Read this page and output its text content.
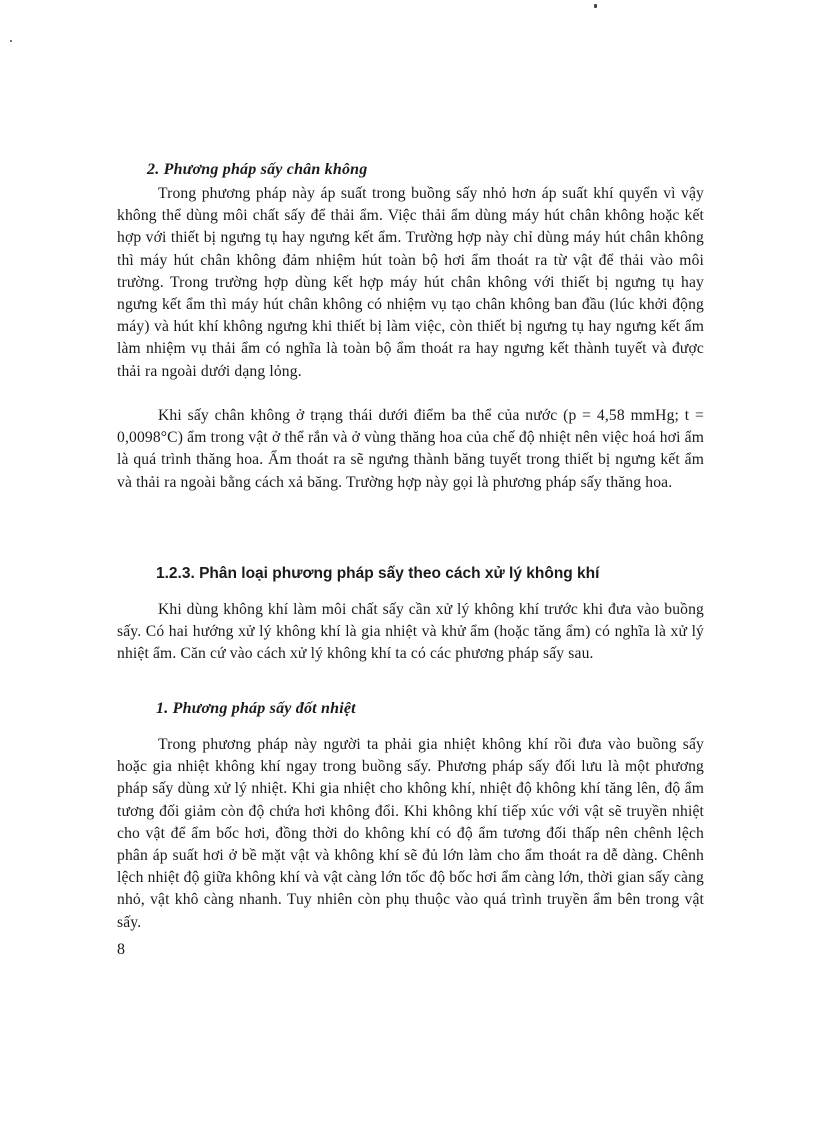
2. Phương pháp sấy chân không

Trong phương pháp này áp suất trong buồng sấy nhỏ hơn áp suất khí quyển vì vậy không thể dùng môi chất sấy để thải ẩm. Việc thải ẩm dùng máy hút chân không hoặc kết hợp với thiết bị ngưng tụ hay ngưng kết ẩm. Trường hợp này chỉ dùng máy hút chân không thì máy hút chân không đảm nhiệm hút toàn bộ hơi ẩm thoát ra từ vật để thải vào môi trường. Trong trường hợp dùng kết hợp máy hút chân không với thiết bị ngưng tụ hay ngưng kết ẩm thì máy hút chân không có nhiệm vụ tạo chân không ban đầu (lúc khởi động máy) và hút khí không ngưng khi thiết bị làm việc, còn thiết bị ngưng tụ hay ngưng kết ẩm làm nhiệm vụ thải ẩm có nghĩa là toàn bộ ẩm thoát ra hay ngưng kết thành tuyết và được thải ra ngoài dưới dạng lỏng.

Khi sấy chân không ở trạng thái dưới điểm ba thể của nước (p = 4,58 mmHg; t = 0,0098°C) ẩm trong vật ở thể rắn và ở vùng thăng hoa của chế độ nhiệt nên việc hoá hơi ẩm là quá trình thăng hoa. Ẩm thoát ra sẽ ngưng thành băng tuyết trong thiết bị ngưng kết ẩm và thải ra ngoài bằng cách xả băng. Trường hợp này gọi là phương pháp sấy thăng hoa.

1.2.3. Phân loại phương pháp sấy theo cách xử lý không khí

Khi dùng không khí làm môi chất sấy cần xử lý không khí trước khi đưa vào buồng sấy. Có hai hướng xử lý không khí là gia nhiệt và khử ẩm (hoặc tăng ẩm) có nghĩa là xử lý nhiệt ẩm. Căn cứ vào cách xử lý không khí ta có các phương pháp sấy sau.

1. Phương pháp sấy đốt nhiệt

Trong phương pháp này người ta phải gia nhiệt không khí rồi đưa vào buồng sấy hoặc gia nhiệt không khí ngay trong buồng sấy. Phương pháp sấy đối lưu là một phương pháp sấy dùng xử lý nhiệt. Khi gia nhiệt cho không khí, nhiệt độ không khí tăng lên, độ ẩm tương đối giảm còn độ chứa hơi không đổi. Khi không khí tiếp xúc với vật sẽ truyền nhiệt cho vật để ẩm bốc hơi, đồng thời do không khí có độ ẩm tương đối thấp nên chênh lệch phân áp suất hơi ở bề mặt vật và không khí sẽ đủ lớn làm cho ẩm thoát ra dễ dàng. Chênh lệch nhiệt độ giữa không khí và vật càng lớn tốc độ bốc hơi ẩm càng lớn, thời gian sấy càng nhỏ, vật khô càng nhanh. Tuy nhiên còn phụ thuộc vào quá trình truyền ẩm bên trong vật sấy.

8
